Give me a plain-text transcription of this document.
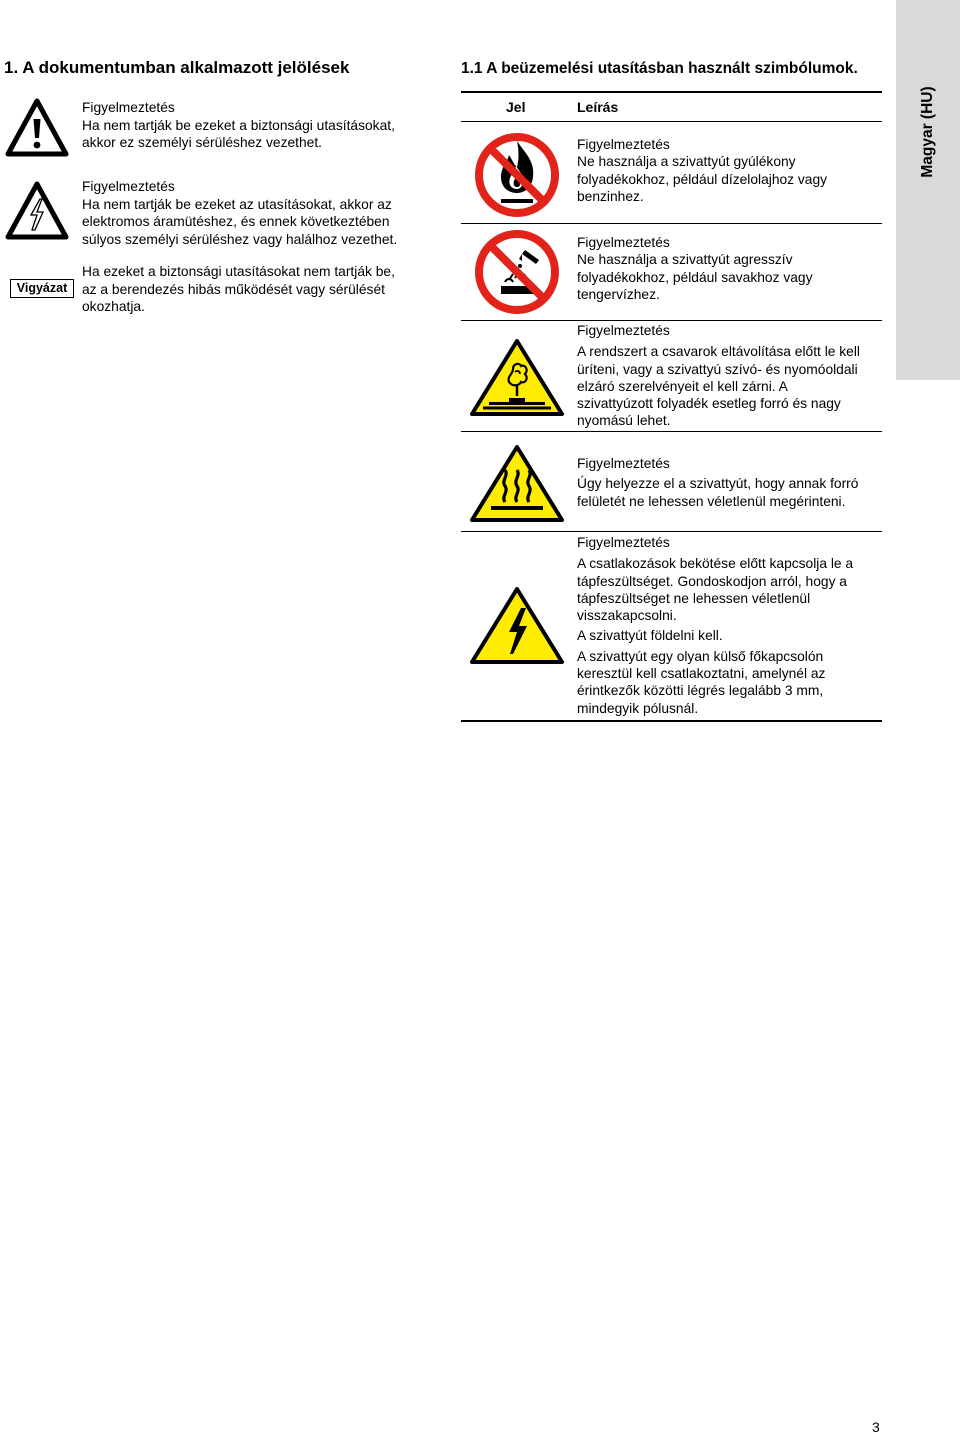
Magyar (HU)
1. A dokumentumban alkalmazott jelölések
Figyelmeztetés
Ha nem tartják be ezeket a biztonsági utasításokat,
akkor ez személyi sérüléshez vezethet.
Figyelmeztetés
Ha nem tartják be ezeket az utasításokat, akkor az
elektromos áramütéshez, és ennek következtében
súlyos személyi sérüléshez vagy halálhoz vezethet.
Vigyázat
Ha ezeket a biztonsági utasításokat nem tartják be,
az a berendezés hibás működését vagy sérülését
okozhatja.
1.1 A beüzemelési utasításban használt szimbólumok.
Jel	Leírás
Figyelmeztetés
Ne használja a szivattyút gyúlékony
folyadékokhoz, például dízelolajhoz vagy
benzinhez.
Figyelmeztetés
Ne használja a szivattyút agresszív
folyadékokhoz, például savakhoz vagy
tengervízhez.
Figyelmeztetés
A rendszert a csavarok eltávolítása előtt le kell
üríteni, vagy a szivattyú szívó- és nyomóoldali
elzáró szerelvényeit el kell zárni. A
szivattyúzott folyadék esetleg forró és nagy
nyomású lehet.
Figyelmeztetés
Úgy helyezze el a szivattyút, hogy annak forró
felületét ne lehessen véletlenül megérinteni.
Figyelmeztetés
A csatlakozások bekötése előtt kapcsolja le a
tápfeszültséget. Gondoskodjon arról, hogy a
tápfeszültséget ne lehessen véletlenül
visszakapcsolni.
A szivattyút földelni kell.
A szivattyút egy olyan külső főkapcsolón
keresztül kell csatlakoztatni, amelynél az
érintkezők közötti légrés legalább 3 mm,
mindegyik pólusnál.
3
